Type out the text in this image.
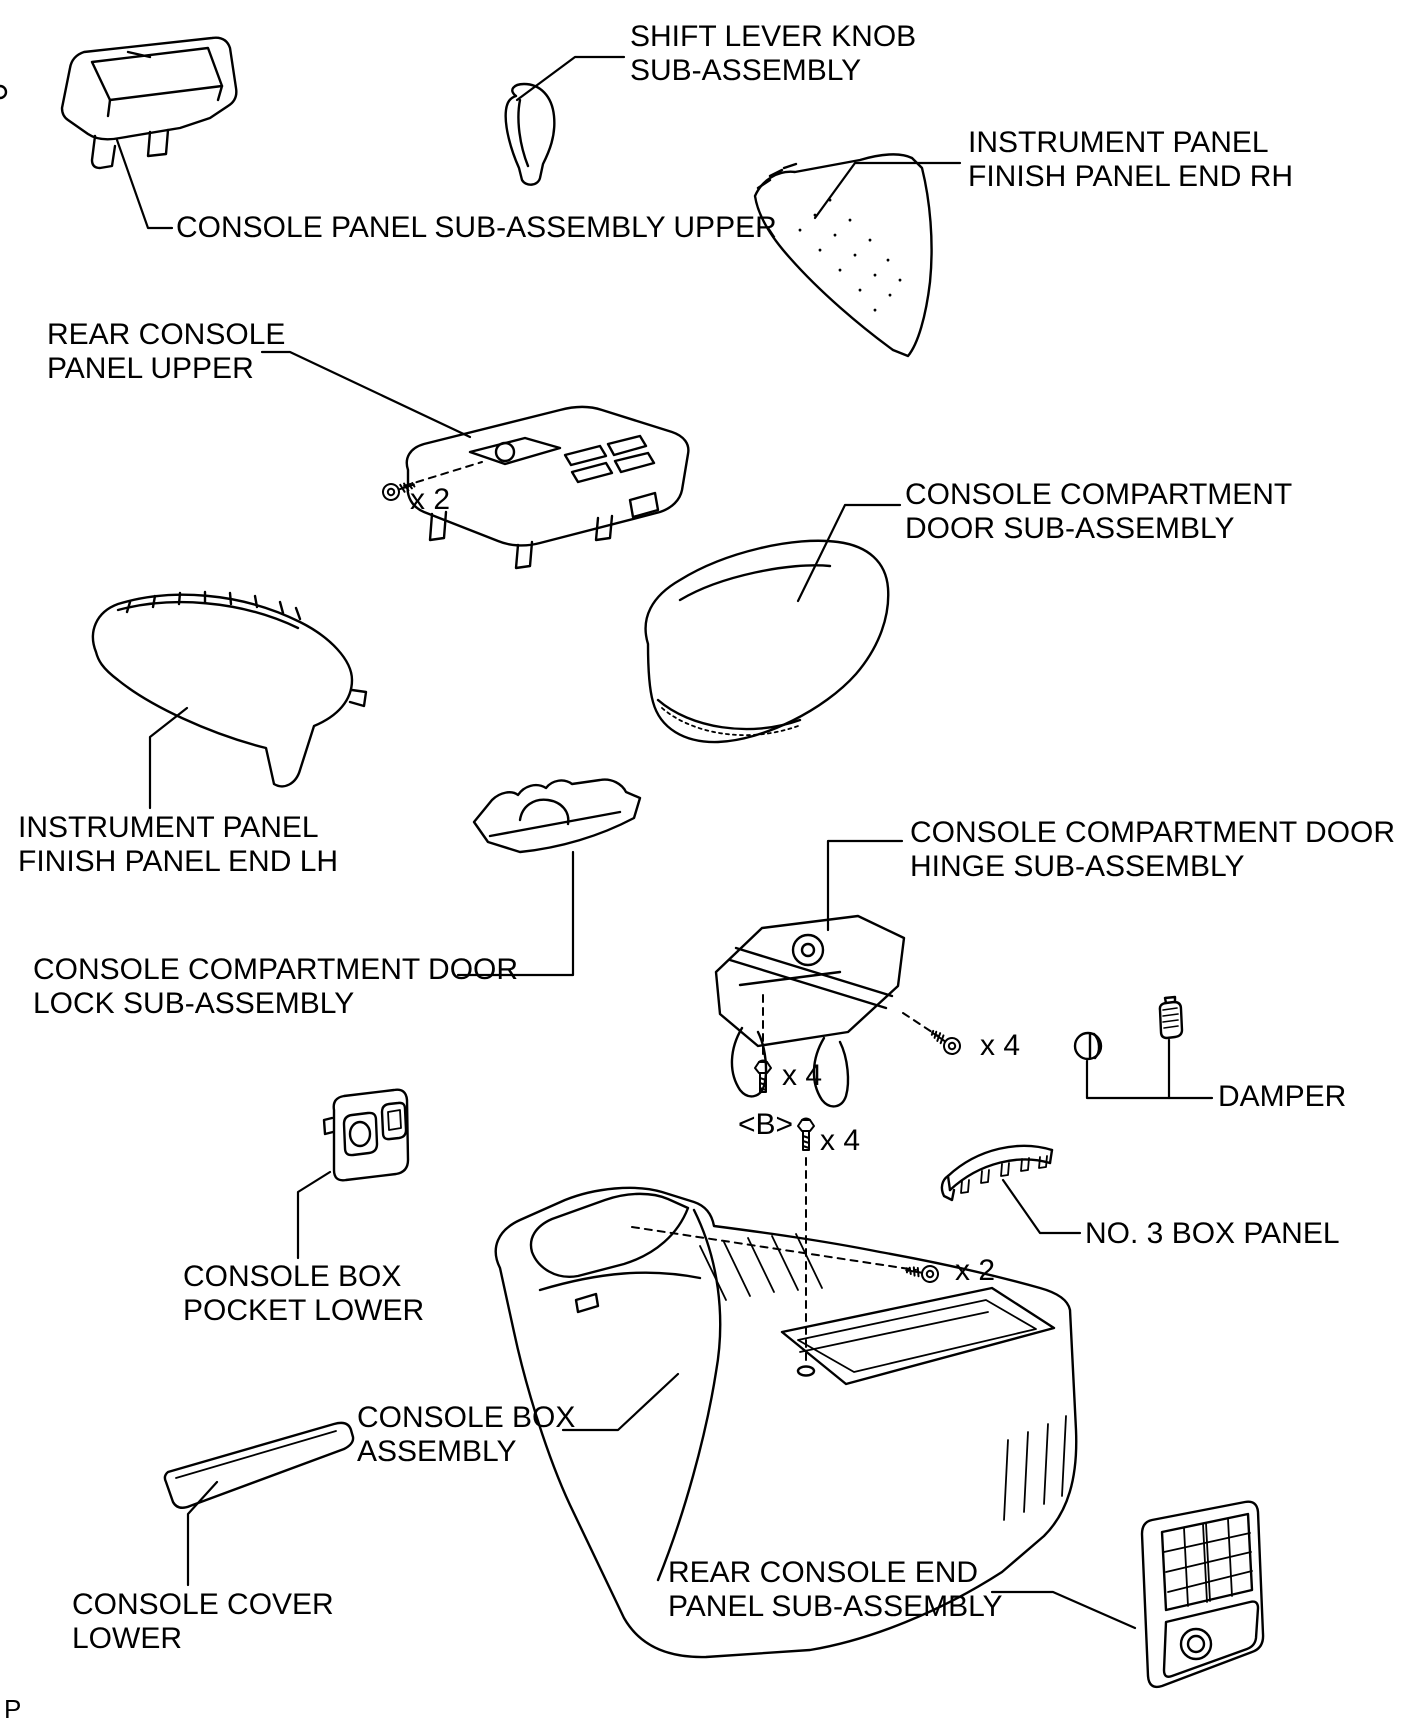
CONSOLE PANEL SUB-ASSEMBLY UPPER
SHIFT LEVER KNOB
SUB-ASSEMBLY
INSTRUMENT PANEL
FINISH PANEL END RH
REAR CONSOLE
PANEL UPPER
CONSOLE COMPARTMENT
DOOR SUB-ASSEMBLY
INSTRUMENT PANEL
FINISH PANEL END LH
CONSOLE COMPARTMENT DOOR
LOCK SUB-ASSEMBLY
CONSOLE COMPARTMENT DOOR
HINGE SUB-ASSEMBLY
DAMPER
NO. 3 BOX PANEL
CONSOLE BOX
POCKET LOWER
CONSOLE BOX
ASSEMBLY
CONSOLE COVER
LOWER
REAR CONSOLE END
PANEL SUB-ASSEMBLY
x 2
x 4
x 4
<B> x 4
x 2
P
